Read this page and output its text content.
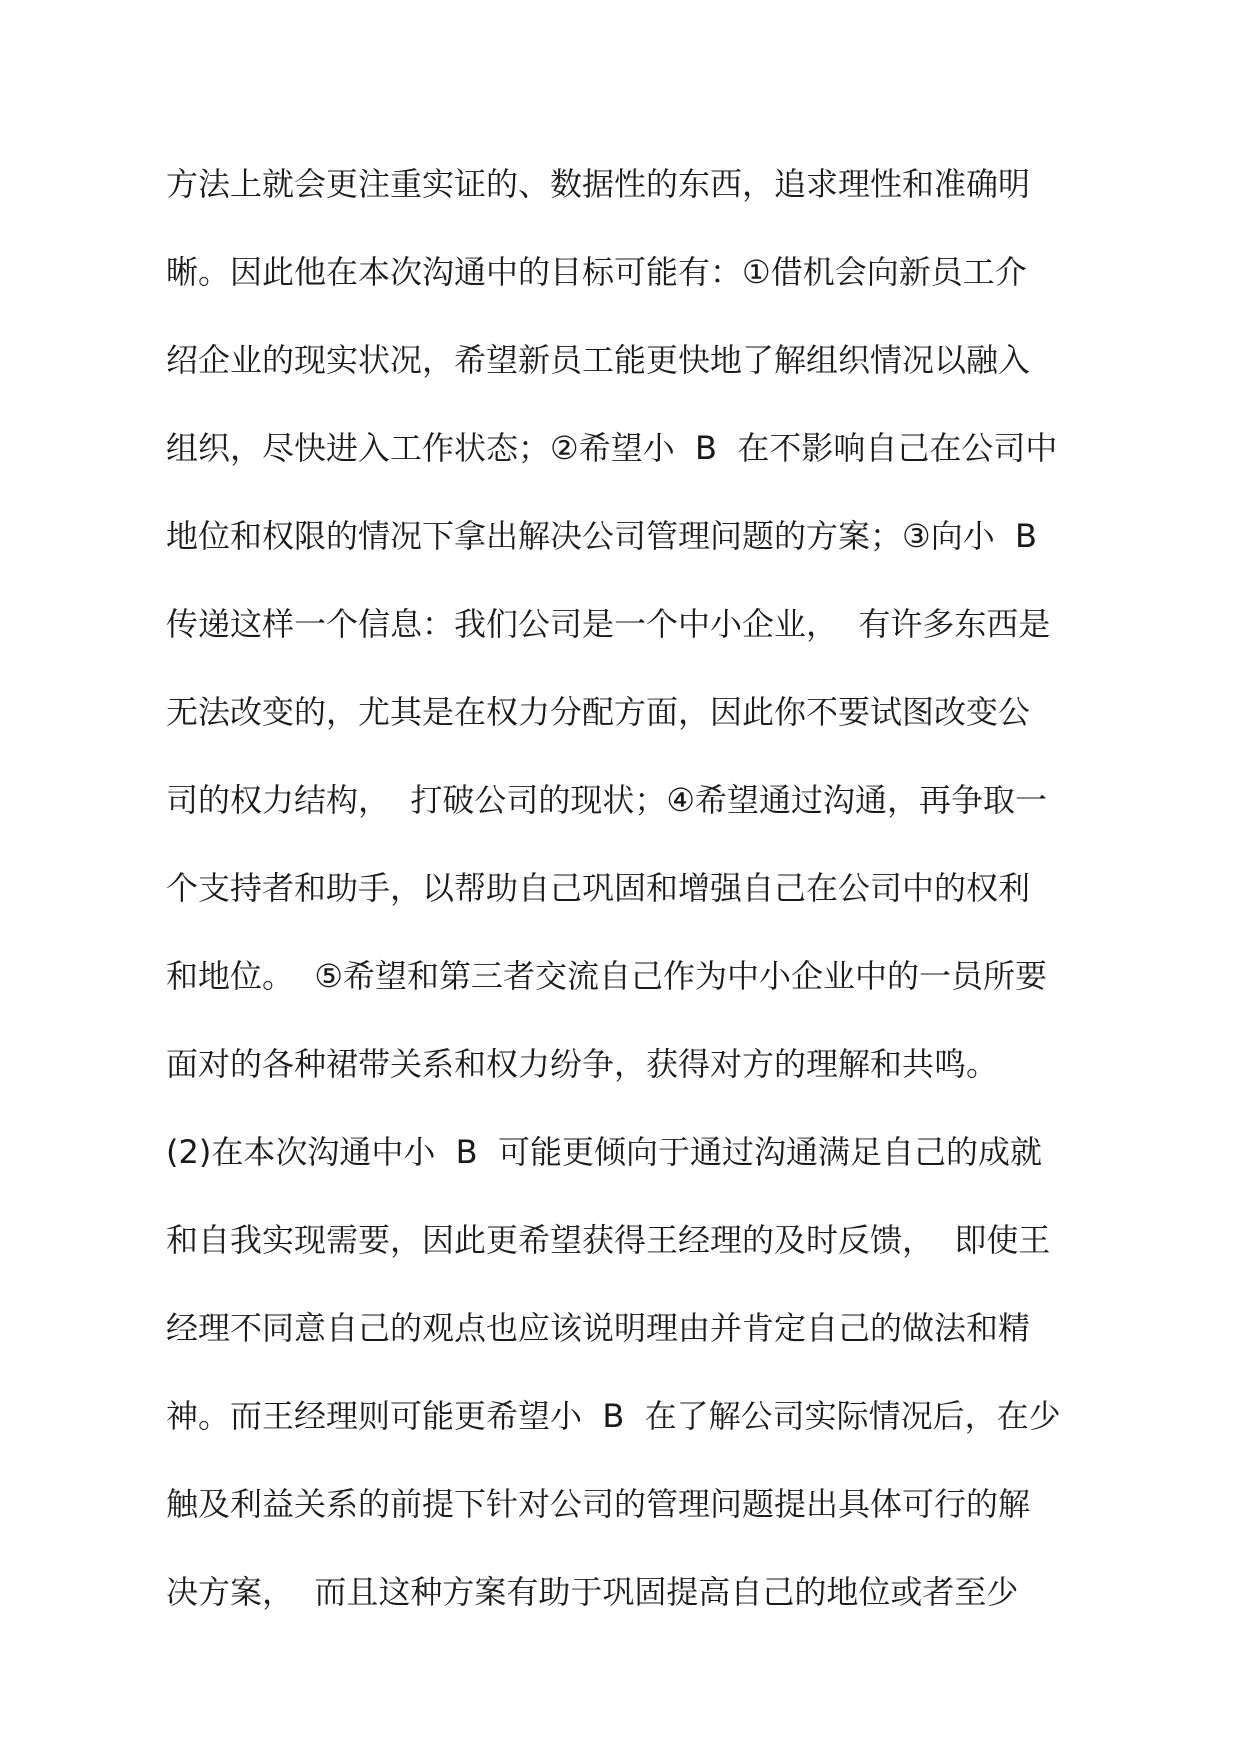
方法上就会更注重实证的、数据性的东西，追求理性和准确明

晰。因此他在本次沟通中的目标可能有：①借机会向新员工介

绍企业的现实状况，希望新员工能更快地了解组织情况以融入

组织，尽快进入工作状态；②希望小  B  在不影响自己在公司中

地位和权限的情况下拿出解决公司管理问题的方案；③向小  B

传递这样一个信息：我们公司是一个中小企业，  有许多东西是

无法改变的，尤其是在权力分配方面，因此你不要试图改变公

司的权力结构，  打破公司的现状；④希望通过沟通，再争取一

个支持者和助手，以帮助自己巩固和增强自己在公司中的权利

和地位。  ⑤希望和第三者交流自己作为中小企业中的一员所要

面对的各种裙带关系和权力纷争，获得对方的理解和共鸣。

(2)在本次沟通中小  B  可能更倾向于通过沟通满足自己的成就

和自我实现需要，因此更希望获得王经理的及时反馈，  即使王

经理不同意自己的观点也应该说明理由并肯定自己的做法和精

神。而王经理则可能更希望小  B  在了解公司实际情况后，在少

触及利益关系的前提下针对公司的管理问题提出具体可行的解

决方案，  而且这种方案有助于巩固提高自己的地位或者至少
